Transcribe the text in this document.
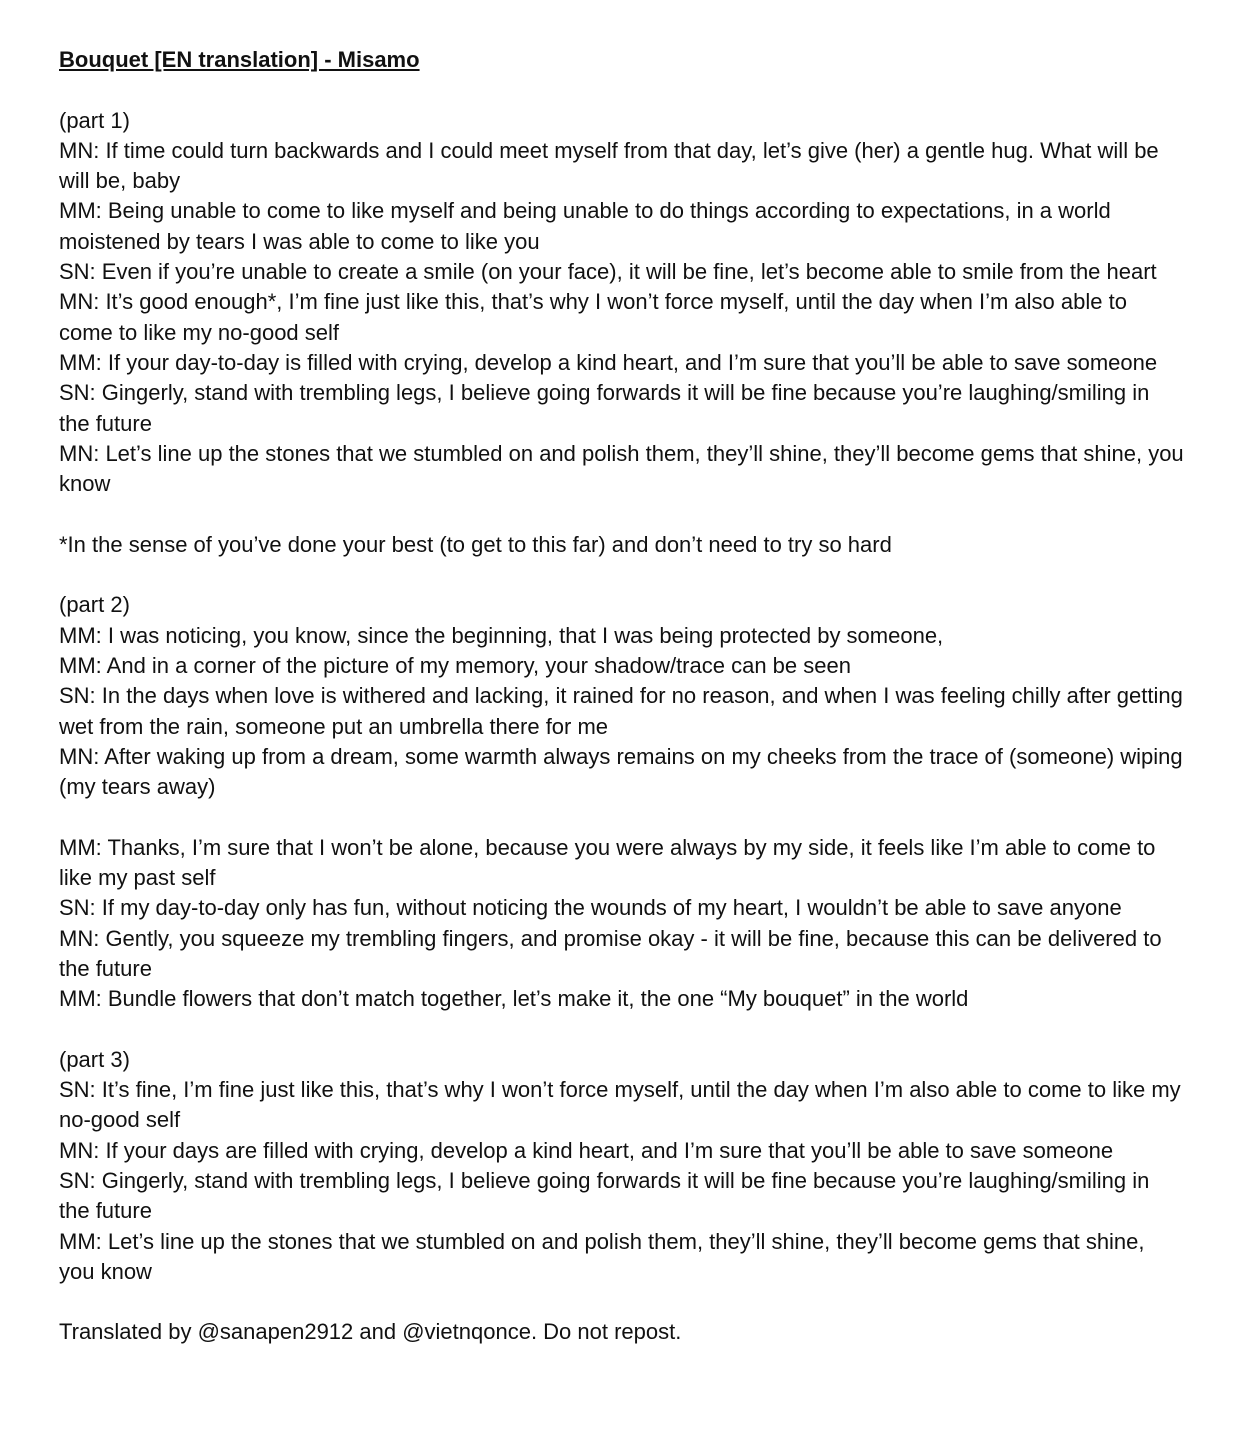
Bouquet [EN translation] - Misamo

(part 1)

MN: If time could turn backwards and I could meet myself from that day, let’s give (her) a gentle hug. What will be will be, baby

MM: Being unable to come to like myself and being unable to do things according to expectations, in a world moistened by tears I was able to come to like you

SN: Even if you’re unable to create a smile (on your face), it will be fine, let’s become able to smile from the heart

MN: It’s good enough*, I’m fine just like this, that’s why I won’t force myself, until the day when I’m also able to come to like my no-good self

MM: If your day-to-day is filled with crying, develop a kind heart, and I’m sure that you’ll be able to save someone

SN: Gingerly, stand with trembling legs, I believe going forwards it will be fine because you’re laughing/smiling in the future

MN: Let’s line up the stones that we stumbled on and polish them, they’ll shine, they’ll become gems that shine, you know

*In the sense of you’ve done your best (to get to this far) and don’t need to try so hard

(part 2)

MM: I was noticing, you know, since the beginning, that I was being protected by someone,

MM: And in a corner of the picture of my memory, your shadow/trace can be seen

SN: In the days when love is withered and lacking, it rained for no reason, and when I was feeling chilly after getting wet from the rain, someone put an umbrella there for me

MN: After waking up from a dream, some warmth always remains on my cheeks from the trace of (someone) wiping (my tears away)

MM: Thanks, I’m sure that I won’t be alone, because you were always by my side, it feels like I’m able to come to like my past self

SN: If my day-to-day only has fun, without noticing the wounds of my heart, I wouldn’t be able to save anyone

MN: Gently, you squeeze my trembling fingers, and promise okay - it will be fine, because this can be delivered to the future

MM: Bundle flowers that don’t match together, let’s make it, the one “My bouquet” in the world

(part 3)

SN: It’s fine, I’m fine just like this, that’s why I won’t force myself, until the day when I’m also able to come to like my no-good self

MN: If your days are filled with crying, develop a kind heart, and I’m sure that you’ll be able to save someone

SN: Gingerly, stand with trembling legs, I believe going forwards it will be fine because you’re laughing/smiling in the future

MM: Let’s line up the stones that we stumbled on and polish them, they’ll shine, they’ll become gems that shine, you know

Translated by @sanapen2912 and @vietnqonce. Do not repost.
